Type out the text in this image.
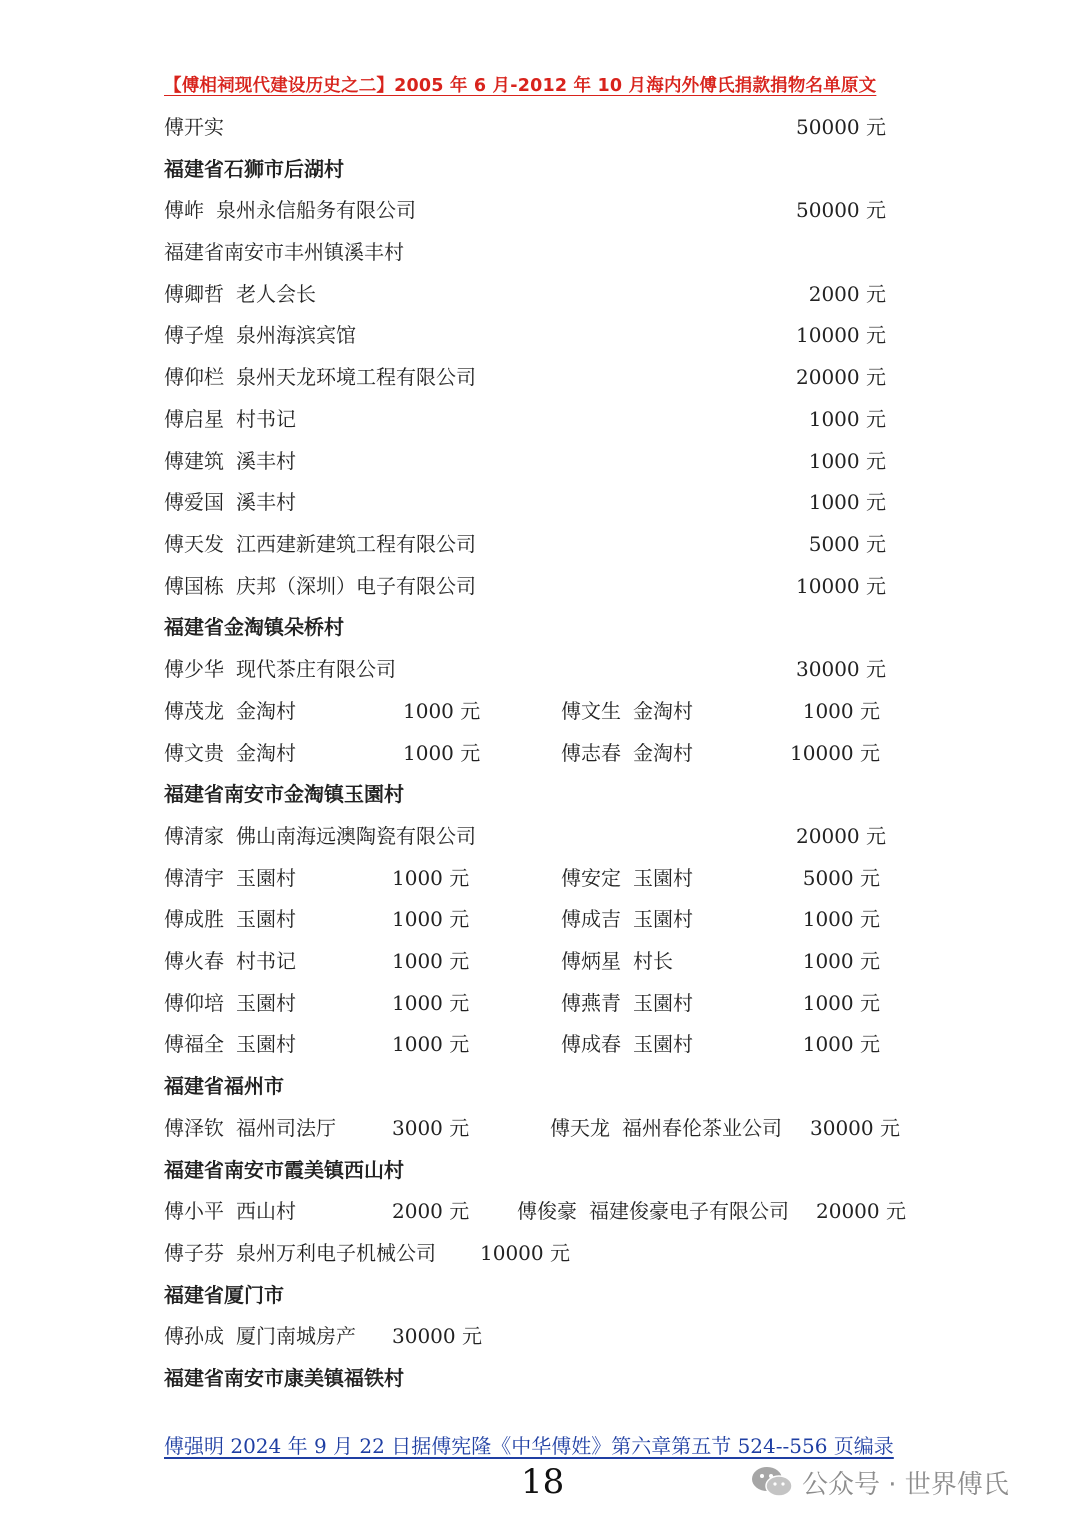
【傅相祠现代建设历史之二】2005 年 6 月-2012 年 10 月海内外傅氏捐款捐物名单原文
傅开实	50000 元
福建省石狮市后湖村
傅岞 泉州永信船务有限公司	50000 元
福建省南安市丰州镇溪丰村
傅卿哲 老人会长	2000 元
傅子煌 泉州海滨宾馆	10000 元
傅仰栏 泉州天龙环境工程有限公司	20000 元
傅启星 村书记	1000 元
傅建筑 溪丰村	1000 元
傅爱国 溪丰村	1000 元
傅天发 江西建新建筑工程有限公司	5000 元
傅国栋 庆邦（深圳）电子有限公司	10000 元
福建省金淘镇朵桥村
傅少华 现代茶庄有限公司	30000 元
傅茂龙 金淘村	1000 元	傅文生 金淘村	1000 元
傅文贵 金淘村	1000 元	傅志春 金淘村	10000 元
福建省南安市金淘镇玉園村
傅清家 佛山南海远澳陶瓷有限公司	20000 元
傅清宇 玉園村	1000 元	傅安定 玉園村	5000 元
傅成胜 玉園村	1000 元	傅成吉 玉園村	1000 元
傅火春 村书记	1000 元	傅炳星 村长	1000 元
傅仰培 玉園村	1000 元	傅燕青 玉園村	1000 元
傅福全 玉園村	1000 元	傅成春 玉園村	1000 元
福建省福州市
傅泽钦 福州司法厅	3000 元	傅天龙 福州春伦茶业公司 30000 元
福建省南安市霞美镇西山村
傅小平 西山村	2000 元 傅俊豪 福建俊豪电子有限公司 20000 元
傅子芬 泉州万利电子机械公司 10000 元
福建省厦门市
傅孙成 厦门南城房产 30000 元
福建省南安市康美镇福铁村
傅强明 2024 年 9 月 22 日据傅宪隆《中华傅姓》第六章第五节 524--556 页编录
18	公众号 · 世界傅氏
